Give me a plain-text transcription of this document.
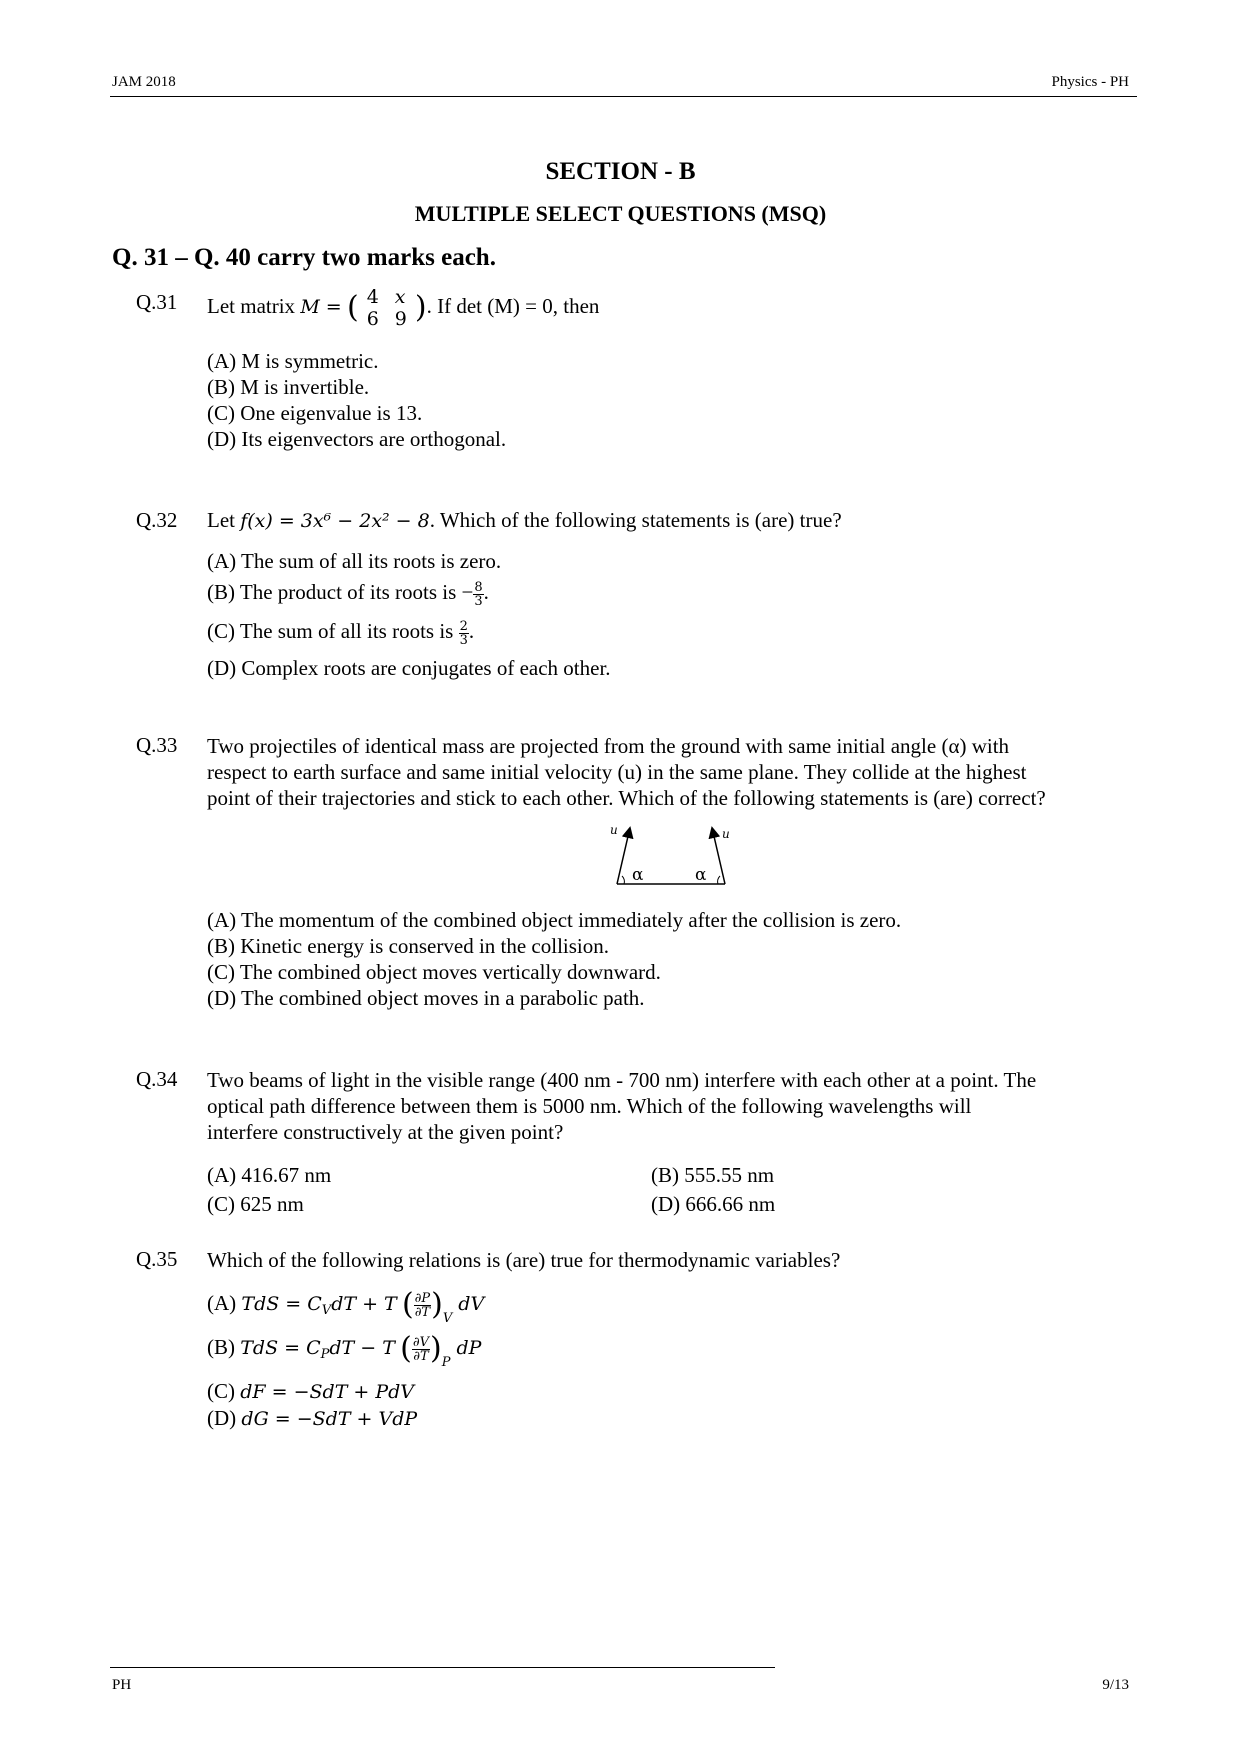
JAM 2018	Physics - PH
SECTION - B
MULTIPLE SELECT QUESTIONS (MSQ)
Q. 31 – Q. 40 carry two marks each.
Q.31 Let matrix M = ( 4	x
6	9 ). If det (M) = 0, then
(A) M is symmetric.
(B) M is invertible.
(C) One eigenvalue is 13.
(D) Its eigenvectors are orthogonal.
Q.32 Let f(x) = 3x⁶ − 2x² − 8. Which of the following statements is (are) true?
(A) The sum of all its roots is zero.
(B) The product of its roots is − $\frac{8}{3}$ .
(C) The sum of all its roots is $\frac{2}{3}$ .
(D) Complex roots are conjugates of each other.
Q.33 Two projectiles of identical mass are projected from the ground with same initial angle (α) with
respect to earth surface and same initial velocity (u) in the same plane. They collide at the highest
point of their trajectories and stick to each other. Which of the following statements is (are) correct?
u	u
α	α
(A) The momentum of the combined object immediately after the collision is zero.
(B) Kinetic energy is conserved in the collision.
(C) The combined object moves vertically downward.
(D) The combined object moves in a parabolic path.
Q.34 Two beams of light in the visible range (400 nm - 700 nm) interfere with each other at a point. The
optical path difference between them is 5000 nm. Which of the following wavelengths will
interfere constructively at the given point?
(A) 416.67 nm	(B) 555.55 nm
(C) 625 nm	(D) 666.66 nm
Q.35 Which of the following relations is (are) true for thermodynamic variables?
(A) TdS = $C_VdT + T$ ( $\frac{\partial P}{\partial T} )_V$ dV
(B) TdS = $C_PdT - T$ ( $\frac{\partial V}{\partial T} )_P$ dP
(C) dF = −SdT + PdV
(D) dG = −SdT + VdP
PH	9/13
